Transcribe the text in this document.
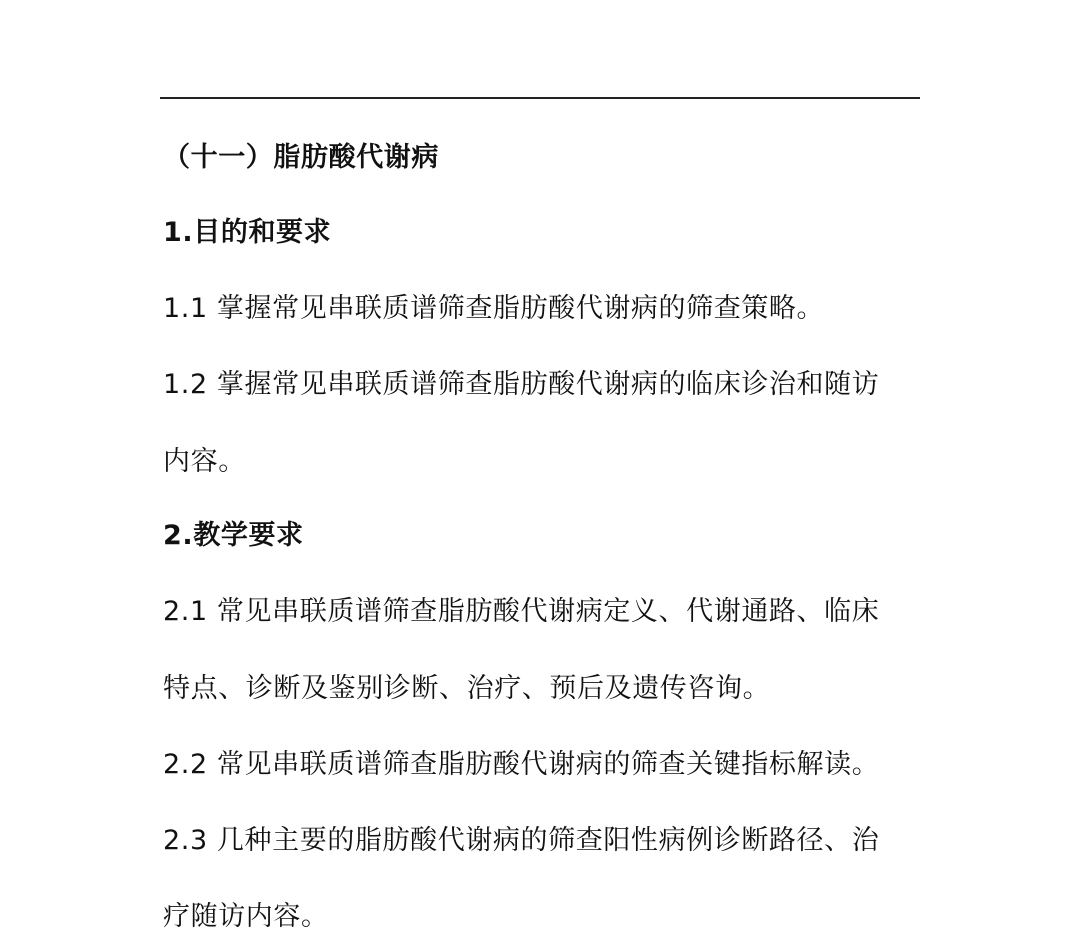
（十一）脂肪酸代谢病
1.目的和要求
1.1 掌握常见串联质谱筛查脂肪酸代谢病的筛查策略。
1.2 掌握常见串联质谱筛查脂肪酸代谢病的临床诊治和随访
内容。
2.教学要求
2.1 常见串联质谱筛查脂肪酸代谢病定义、代谢通路、临床
特点、诊断及鉴别诊断、治疗、预后及遗传咨询。
2.2 常见串联质谱筛查脂肪酸代谢病的筛查关键指标解读。
2.3 几种主要的脂肪酸代谢病的筛查阳性病例诊断路径、治
疗随访内容。
